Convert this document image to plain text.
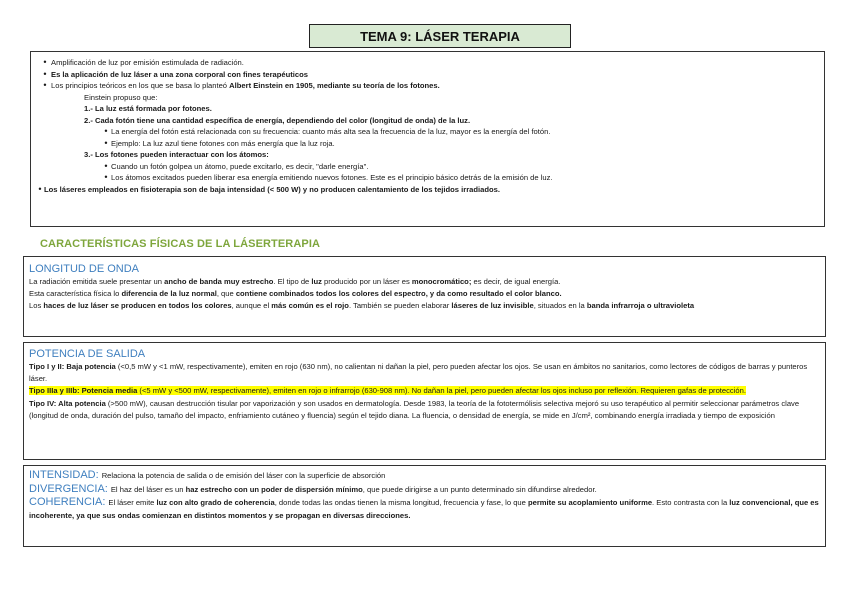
TEMA 9: LÁSER TERAPIA
• Amplificación de luz por emisión estimulada de radiación.
• Es la aplicación de luz láser a una zona corporal con fines terapéuticos
• Los principios teóricos en los que se basa lo planteó Albert Einstein en 1905, mediante su teoría de los fotones.
Einstein propuso que:
1.- La luz está formada por fotones.
2.- Cada fotón tiene una cantidad específica de energía, dependiendo del color (longitud de onda) de la luz.
• La energía del fotón está relacionada con su frecuencia: cuanto más alta sea la frecuencia de la luz, mayor es la energía del fotón.
• Ejemplo: La luz azul tiene fotones con más energía que la luz roja.
3.- Los fotones pueden interactuar con los átomos:
• Cuando un fotón golpea un átomo, puede excitarlo, es decir, "darle energía".
• Los átomos excitados pueden liberar esa energía emitiendo nuevos fotones. Este es el principio básico detrás de la emisión de luz.
• Los láseres empleados en fisioterapia son de baja intensidad (< 500 W) y no producen calentamiento de los tejidos irradiados.
CARACTERÍSTICAS FÍSICAS DE LA LÁSERTERAPIA
LONGITUD DE ONDA

La radiación emitida suele presentar un ancho de banda muy estrecho. El tipo de luz producido por un láser es monocromático; es decir, de igual energía.

Esta característica física lo diferencia de la luz normal, que contiene combinados todos los colores del espectro, y da como resultado el color blanco.

Los haces de luz láser se producen en todos los colores, aunque el más común es el rojo. También se pueden elaborar láseres de luz invisible, situados en la banda infrarroja o ultravioleta

POTENCIA DE SALIDA

Tipo I y II: Baja potencia (<0,5 mW y <1 mW, respectivamente), emiten en rojo (630 nm), no calientan ni dañan la piel, pero pueden afectar los ojos. Se usan en ámbitos no sanitarios, como lectores de códigos de barras y punteros láser.

Tipo IIIa y IIIb: Potencia media (<5 mW y <500 mW, respectivamente), emiten en rojo o infrarrojo (630-908 nm). No dañan la piel, pero pueden afectar los ojos incluso por reflexión. Requieren gafas de protección.

Tipo IV: Alta potencia (>500 mW), causan destrucción tisular por vaporización y son usados en dermatología. Desde 1983, la teoría de la fototermólisis selectiva mejoró su uso terapéutico al permitir seleccionar parámetros clave (longitud de onda, duración del pulso, tamaño del impacto, enfriamiento cutáneo y fluencia) según el tejido diana. La fluencia, o densidad de energía, se mide en J/cm², combinando energía irradiada y tiempo de exposición

INTENSIDAD: Relaciona la potencia de salida o de emisión del láser con la superficie de absorción

DIVERGENCIA: El haz del láser es un haz estrecho con un poder de dispersión mínimo, que puede dirigirse a un punto determinado sin difundirse alrededor.

COHERENCIA: El láser emite luz con alto grado de coherencia, donde todas las ondas tienen la misma longitud, frecuencia y fase, lo que permite su acoplamiento uniforme. Esto contrasta con la luz convencional, que es incoherente, ya que sus ondas comienzan en distintos momentos y se propagan en diversas direcciones.
